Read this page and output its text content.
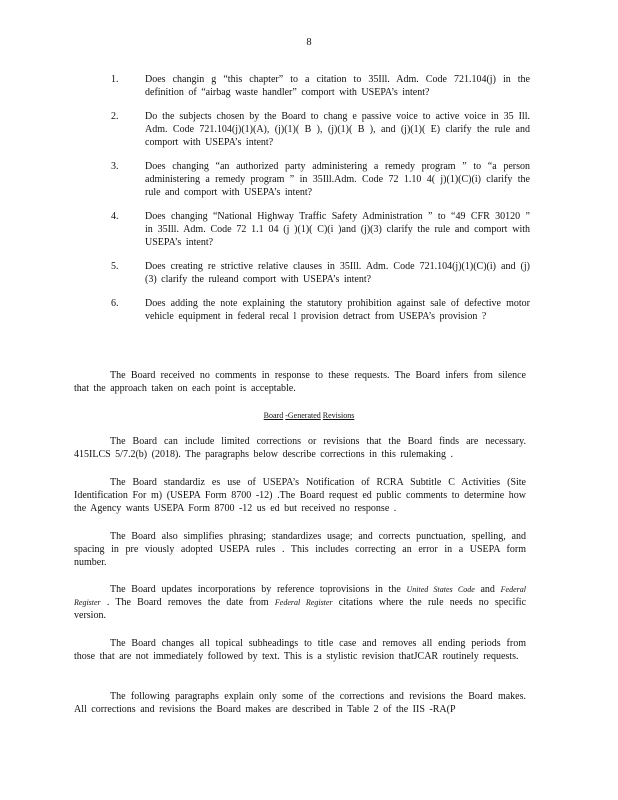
8
1.	Does changin g “this chapter” to a citation to 35Ill. Adm. Code 721.104(j) in the definition of “airbag waste handler” comport with USEPA’s intent?
2.	Do the subjects chosen by the Board to chang e passive voice to active voice in 35 Ill. Adm. Code 721.104(j)(1)(A), (j)(1)( B ), (j)(1)( B ), and (j)(1)( E) clarify the rule and comport with USEPA’s intent?
3.	Does changing “an authorized party administering a remedy program ” to “a person administering a remedy program ” in 35Ill.Adm. Code 72 1.10 4( j)(1)(C)(i) clarify the rule and comport with USEPA’s intent?
4.	Does changing “National Highway Traffic Safety Administration ” to “49 CFR 30120 ” in 35Ill. Adm. Code 72 1.1 04 (j )(1)( C)(i )and (j)(3) clarify the rule and comport with USEPA’s intent?
5.	Does creating re strictive relative clauses in 35Ill. Adm. Code 721.104(j)(1)(C)(i) and (j)(3) clarify the ruleand comport with USEPA’s intent?
6.	Does adding the note explaining the statutory prohibition against sale of defective motor vehicle equipment in federal recal l provision detract from USEPA’s provision ?
The Board received no comments in response to these requests. The Board infers from silence that the approach taken on each point is acceptable.
Board -Generated Revisions
The Board can include limited corrections or revisions that the Board finds are necessary. 415ILCS 5/7.2(b) (2018). The paragraphs below describe corrections in this rulemaking .
The Board standardiz es use of USEPA’s Notification of RCRA Subtitle C Activities (Site Identification For m) (USEPA Form 8700 -12) .The Board request ed public comments to determine how the Agency wants USEPA Form 8700 -12 us ed but received no response .
The Board also simplifies phrasing; standardizes usage; and corrects punctuation, spelling, and spacing in pre viously adopted USEPA rules . This includes correcting an error in a USEPA form number.
The Board updates incorporations by reference toprovisions in the United States Code and Federal Register . The Board removes the date from Federal Register citations where the rule needs no specific version.
The Board changes all topical subheadings to title case and removes all ending periods from those that are not immediately followed by text. This is a stylistic revision thatJCAR routinely requests.
The following paragraphs explain only some of the corrections and revisions the Board makes. All corrections and revisions the Board makes are described in Table 2 of the IIS -RA(P
